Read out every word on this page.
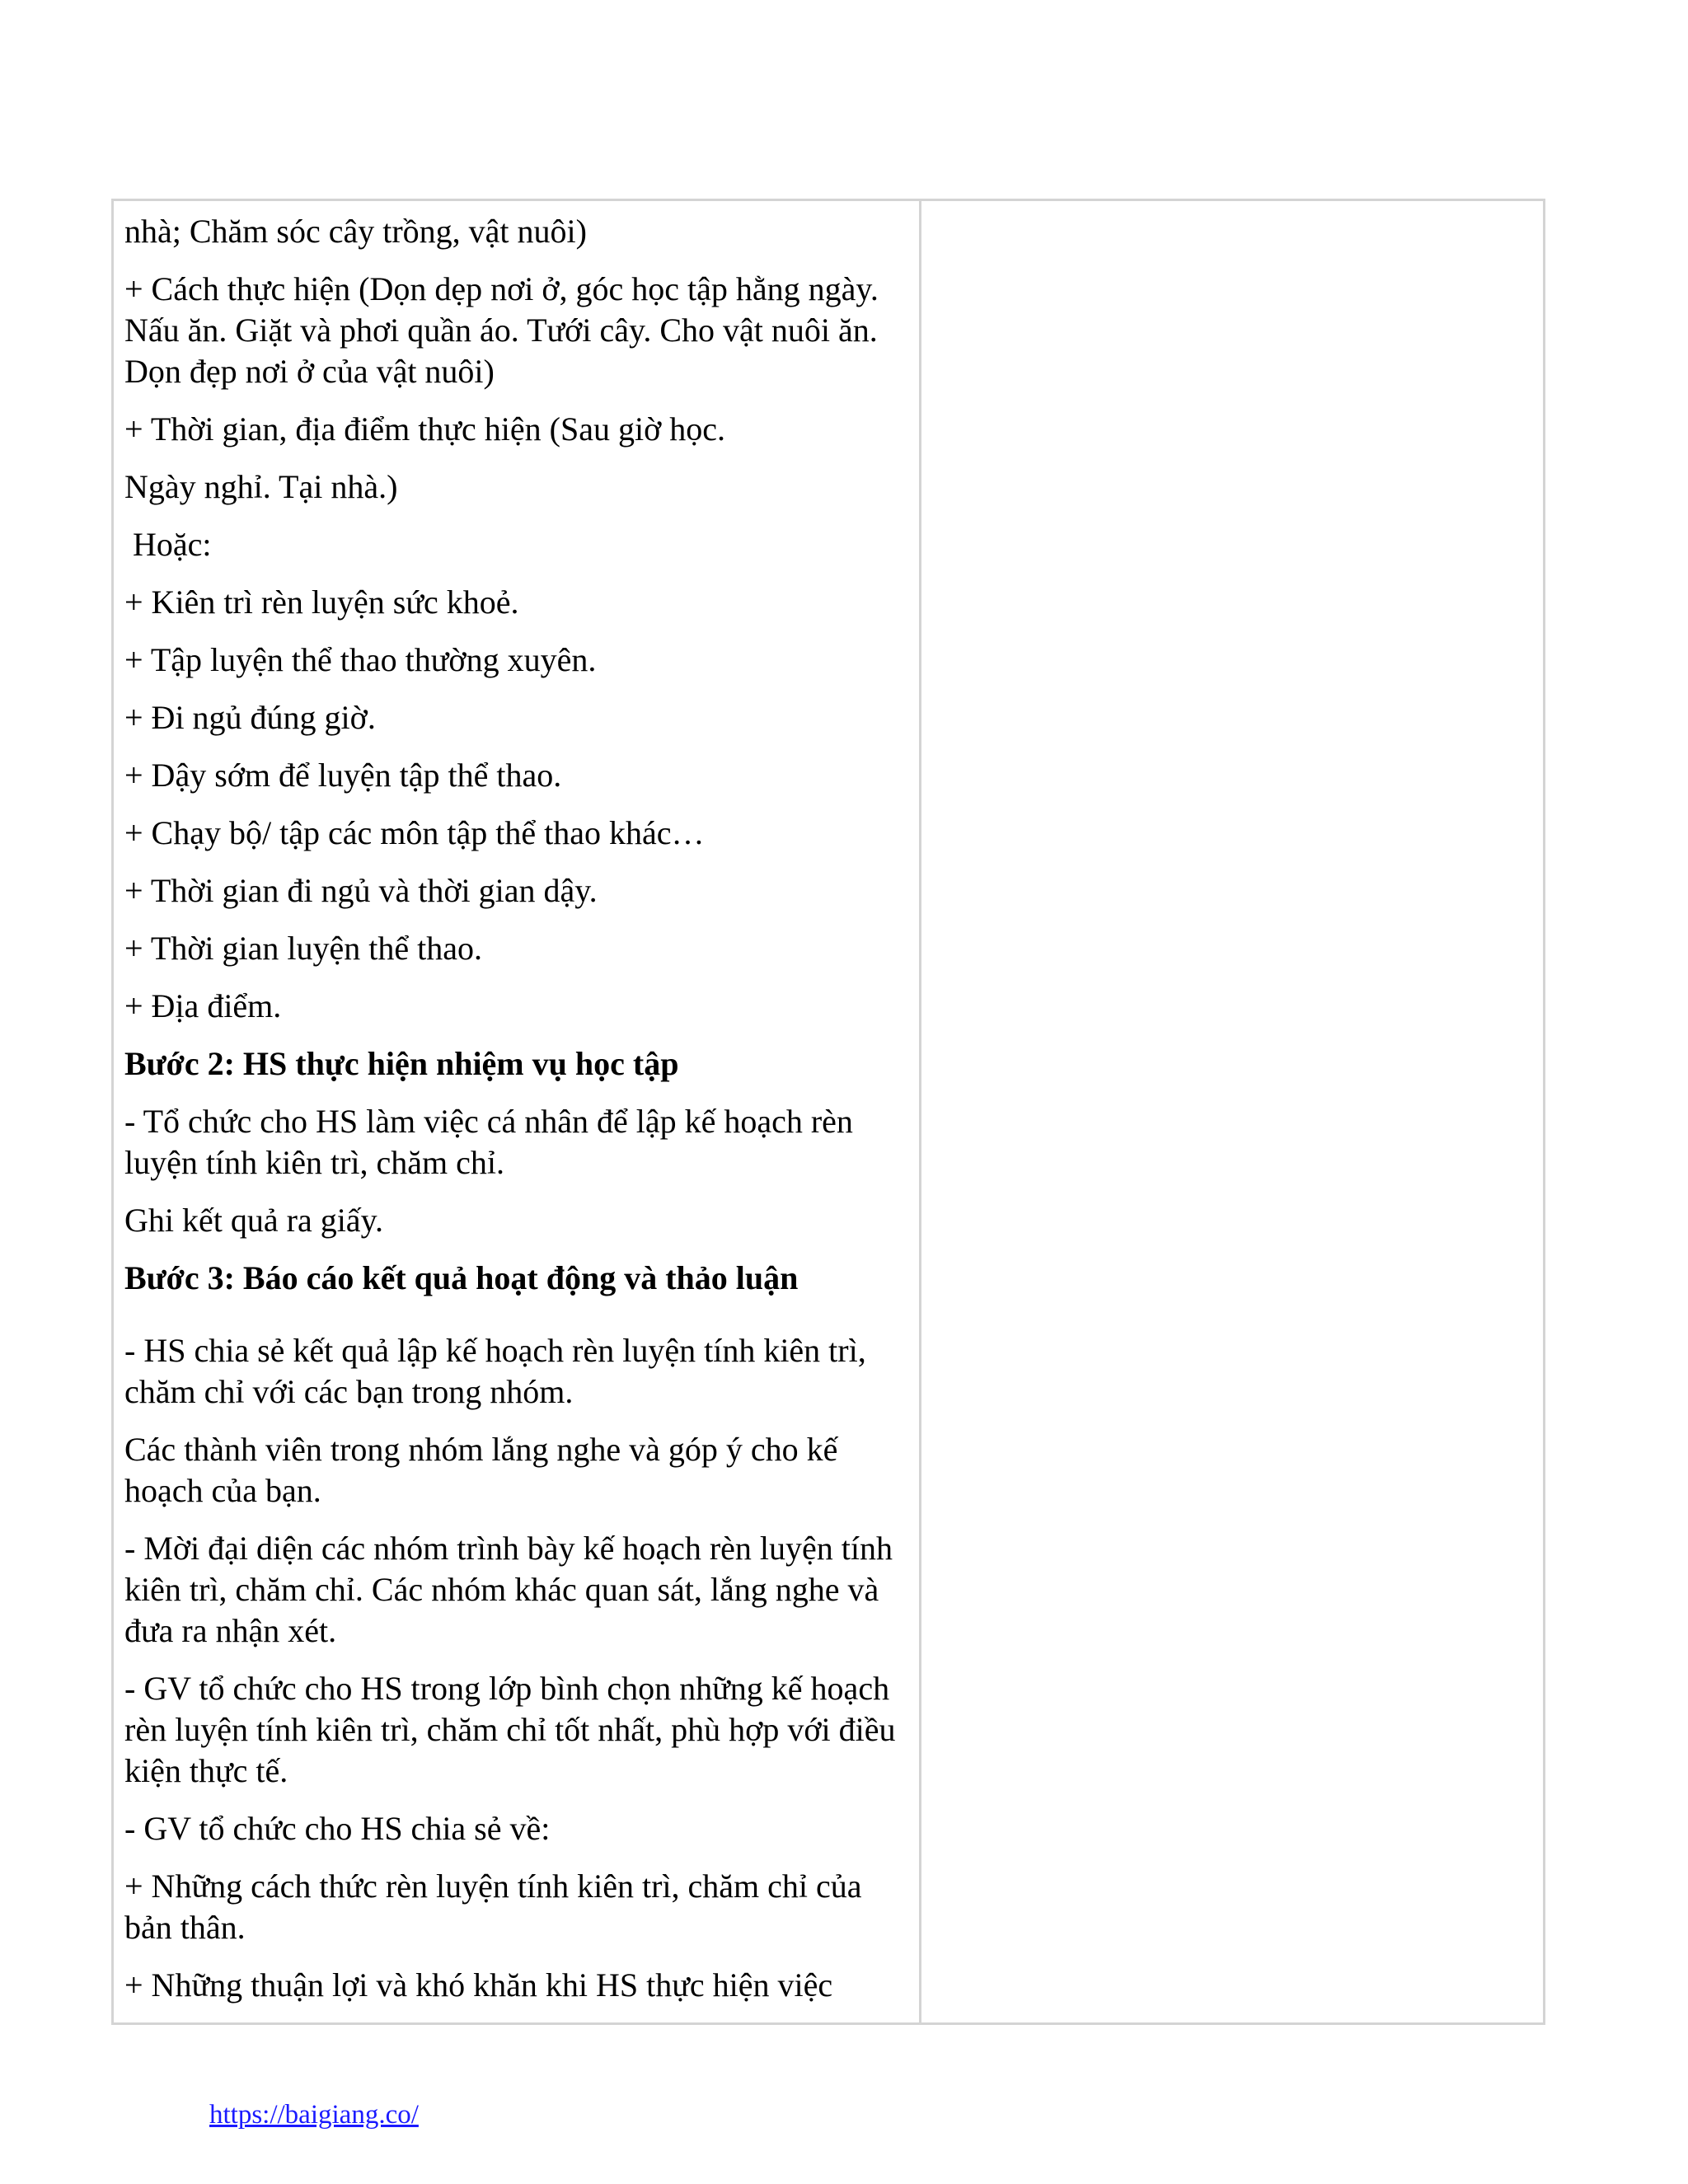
nhà; Chăm sóc cây trồng, vật nuôi)

+ Cách thực hiện (Dọn dẹp nơi ở, góc học tập hằng ngày. Nấu ăn. Giặt và phơi quần áo. Tưới cây. Cho vật nuôi ăn. Dọn đẹp nơi ở của vật nuôi)

+ Thời gian, địa điểm thực hiện (Sau giờ học.

Ngày nghỉ. Tại nhà.)

Hoặc:

+ Kiên trì rèn luyện sức khoẻ.

+ Tập luyện thể thao thường xuyên.

+ Đi ngủ đúng giờ.

+ Dậy sớm để luyện tập thể thao.

+ Chạy bộ/ tập các môn tập thể thao khác…

+ Thời gian đi ngủ và thời gian dậy.

+ Thời gian luyện thể thao.

+ Địa điểm.

Bước 2: HS thực hiện nhiệm vụ học tập

- Tổ chức cho HS làm việc cá nhân để lập kế hoạch rèn luyện tính kiên trì, chăm chỉ.

Ghi kết quả ra giấy.

Bước 3: Báo cáo kết quả hoạt động và thảo luận

- HS chia sẻ kết quả lập kế hoạch rèn luyện tính kiên trì, chăm chỉ với các bạn trong nhóm.

Các thành viên trong nhóm lắng nghe và góp ý cho kế hoạch của bạn.

- Mời đại diện các nhóm trình bày kế hoạch rèn luyện tính kiên trì, chăm chỉ. Các nhóm khác quan sát, lắng nghe và đưa ra nhận xét.

- GV tổ chức cho HS trong lớp bình chọn những kế hoạch rèn luyện tính kiên trì, chăm chỉ tốt nhất, phù hợp với điều kiện thực tế.

- GV tổ chức cho HS chia sẻ về:

+ Những cách thức rèn luyện tính kiên trì, chăm chỉ của bản thân.

+ Những thuận lợi và khó khăn khi HS thực hiện việc

https://baigiang.co/
